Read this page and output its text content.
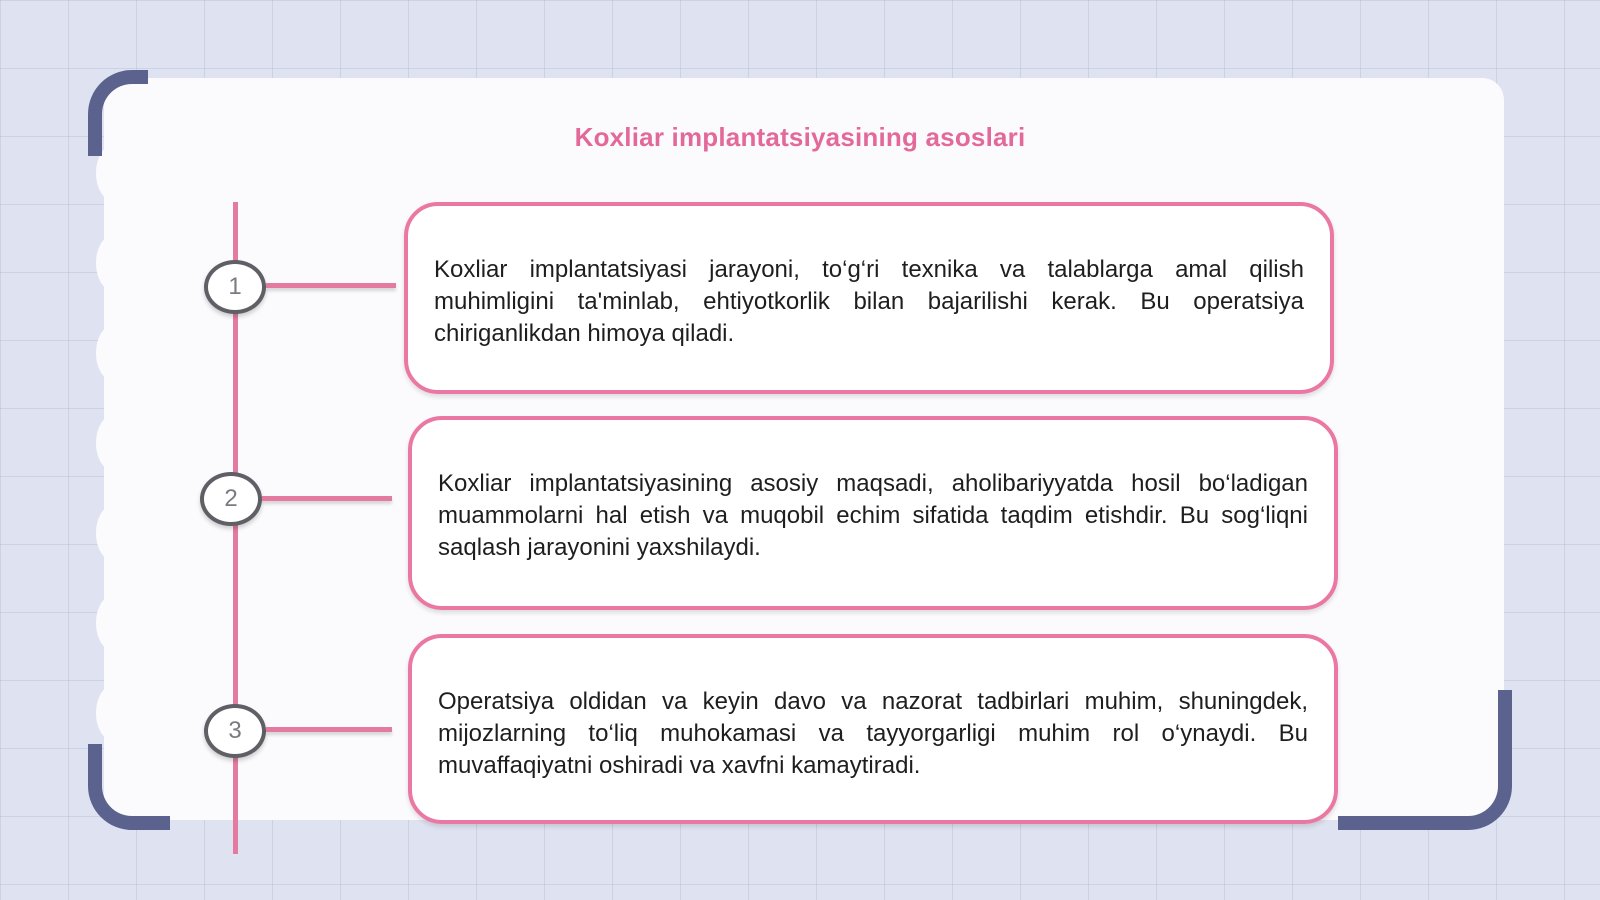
Koxliar implantatsiyasining asoslari
1

Koxliar implantatsiyasi jarayoni, to‘g‘ri texnika va talablarga amal qilish muhimligini ta'minlab, ehtiyotkorlik bilan bajarilishi kerak. Bu operatsiya chiriganlikdan himoya qiladi.

2

Koxliar implantatsiyasining asosiy maqsadi, aholibariyyatda hosil bo‘ladigan muammolarni hal etish va muqobil echim sifatida taqdim etishdir. Bu sog‘liqni saqlash jarayonini yaxshilaydi.

3

Operatsiya oldidan va keyin davo va nazorat tadbirlari muhim, shuningdek, mijozlarning to‘liq muhokamasi va tayyorgarligi muhim rol o‘ynaydi. Bu muvaffaqiyatni oshiradi va xavfni kamaytiradi.
